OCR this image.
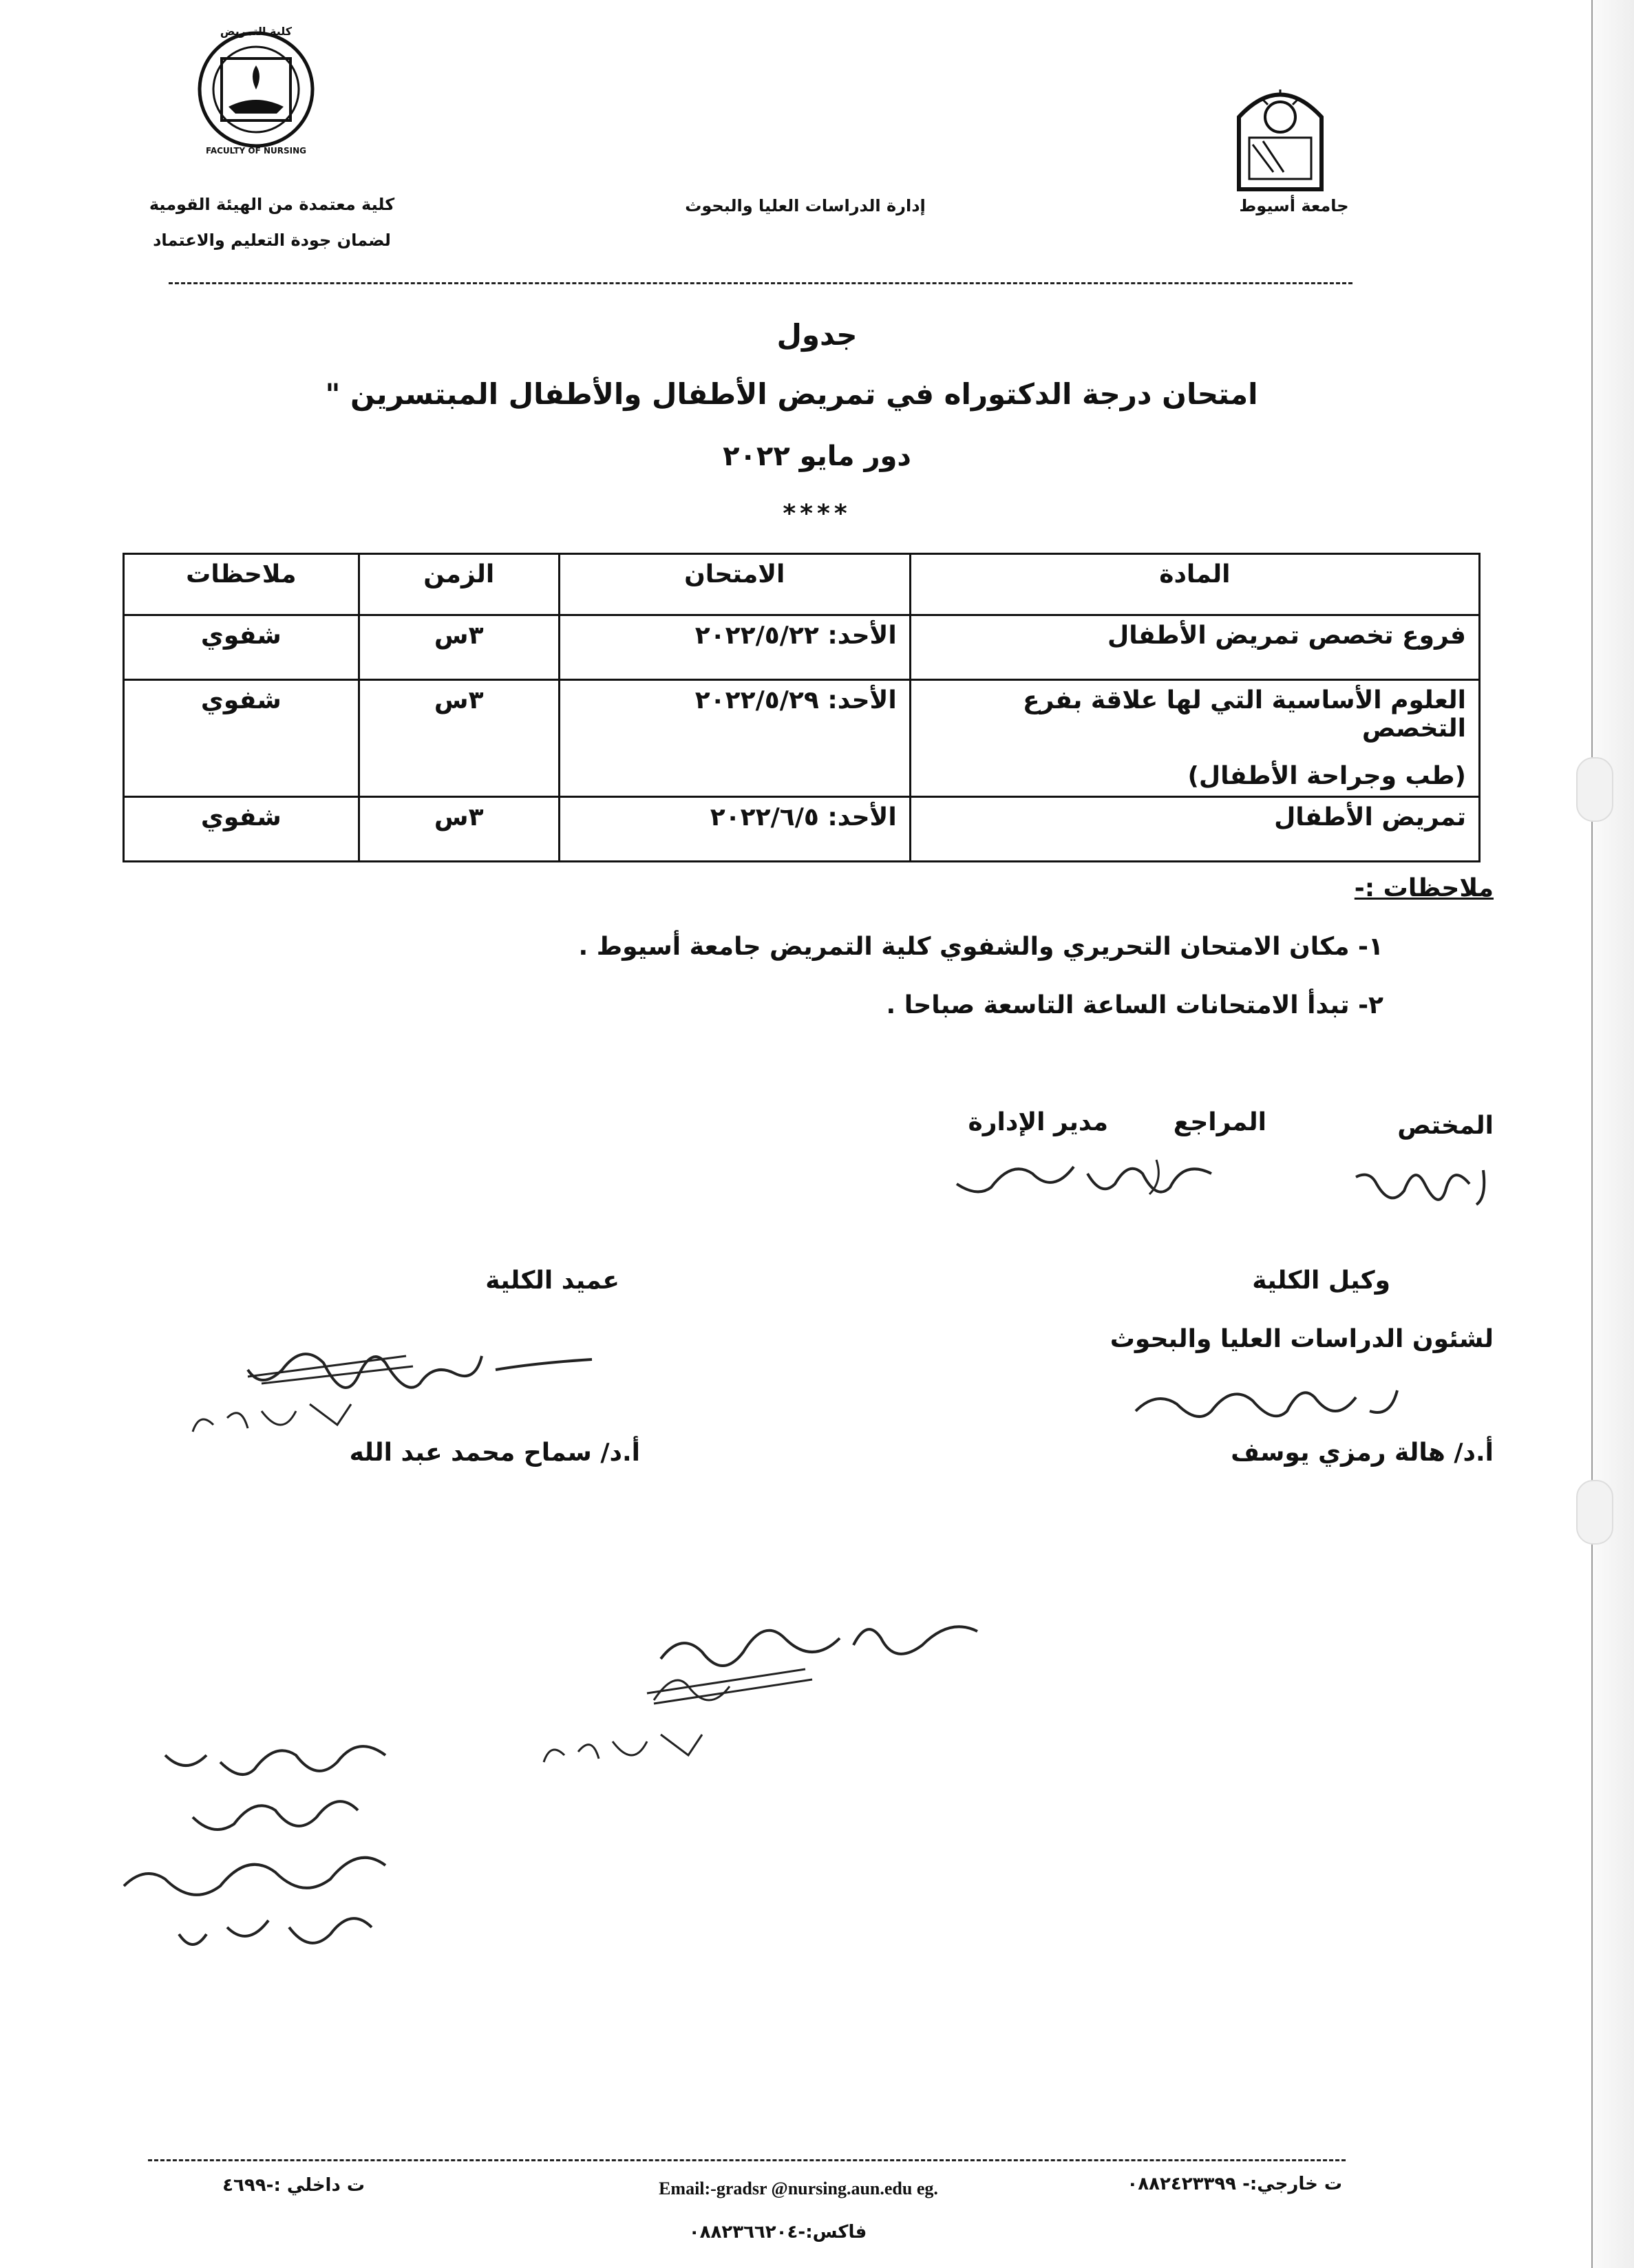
جامعة أسيوط
إدارة الدراسات العليا والبحوث
كلية التمريض
FACULTY OF NURSING
كلية معتمدة من الهيئة القومية
لضمان جودة التعليم والاعتماد
جدول
امتحان درجة الدكتوراه في تمريض الأطفال والأطفال المبتسرين "
دور مايو ٢٠٢٢
****
المادة	الامتحان	الزمن	ملاحظات
فروع تخصص تمريض الأطفال	الأحد: ٢٠٢٢/٥/٢٢	٣س	شفوي

العلوم الأساسية التي لها علاقة بفرع التخصص
(طب وجراحة الأطفال)	الأحد: ٢٠٢٢/٥/٢٩	٣س	شفوي
تمريض الأطفال	الأحد: ٢٠٢٢/٦/٥	٣س	شفوي
ملاحظات :-
١- مكان الامتحان التحريري والشفوي كلية التمريض جامعة أسيوط .
٢- تبدأ الامتحانات الساعة التاسعة صباحا .
المختص
المراجع
مدير الإدارة
وكيل الكلية
لشئون الدراسات العليا والبحوث
أ.د/ هالة رمزي يوسف
عميد الكلية
أ.د/ سماح محمد عبد الله
ت خارجي:- ٠٨٨٢٤٢٣٣٩٩
Email:-gradsr @nursing.aun.edu eg.
ت داخلي :-٤٦٩٩
فاكس:-٠٨٨٢٣٦٦٢٠٤
